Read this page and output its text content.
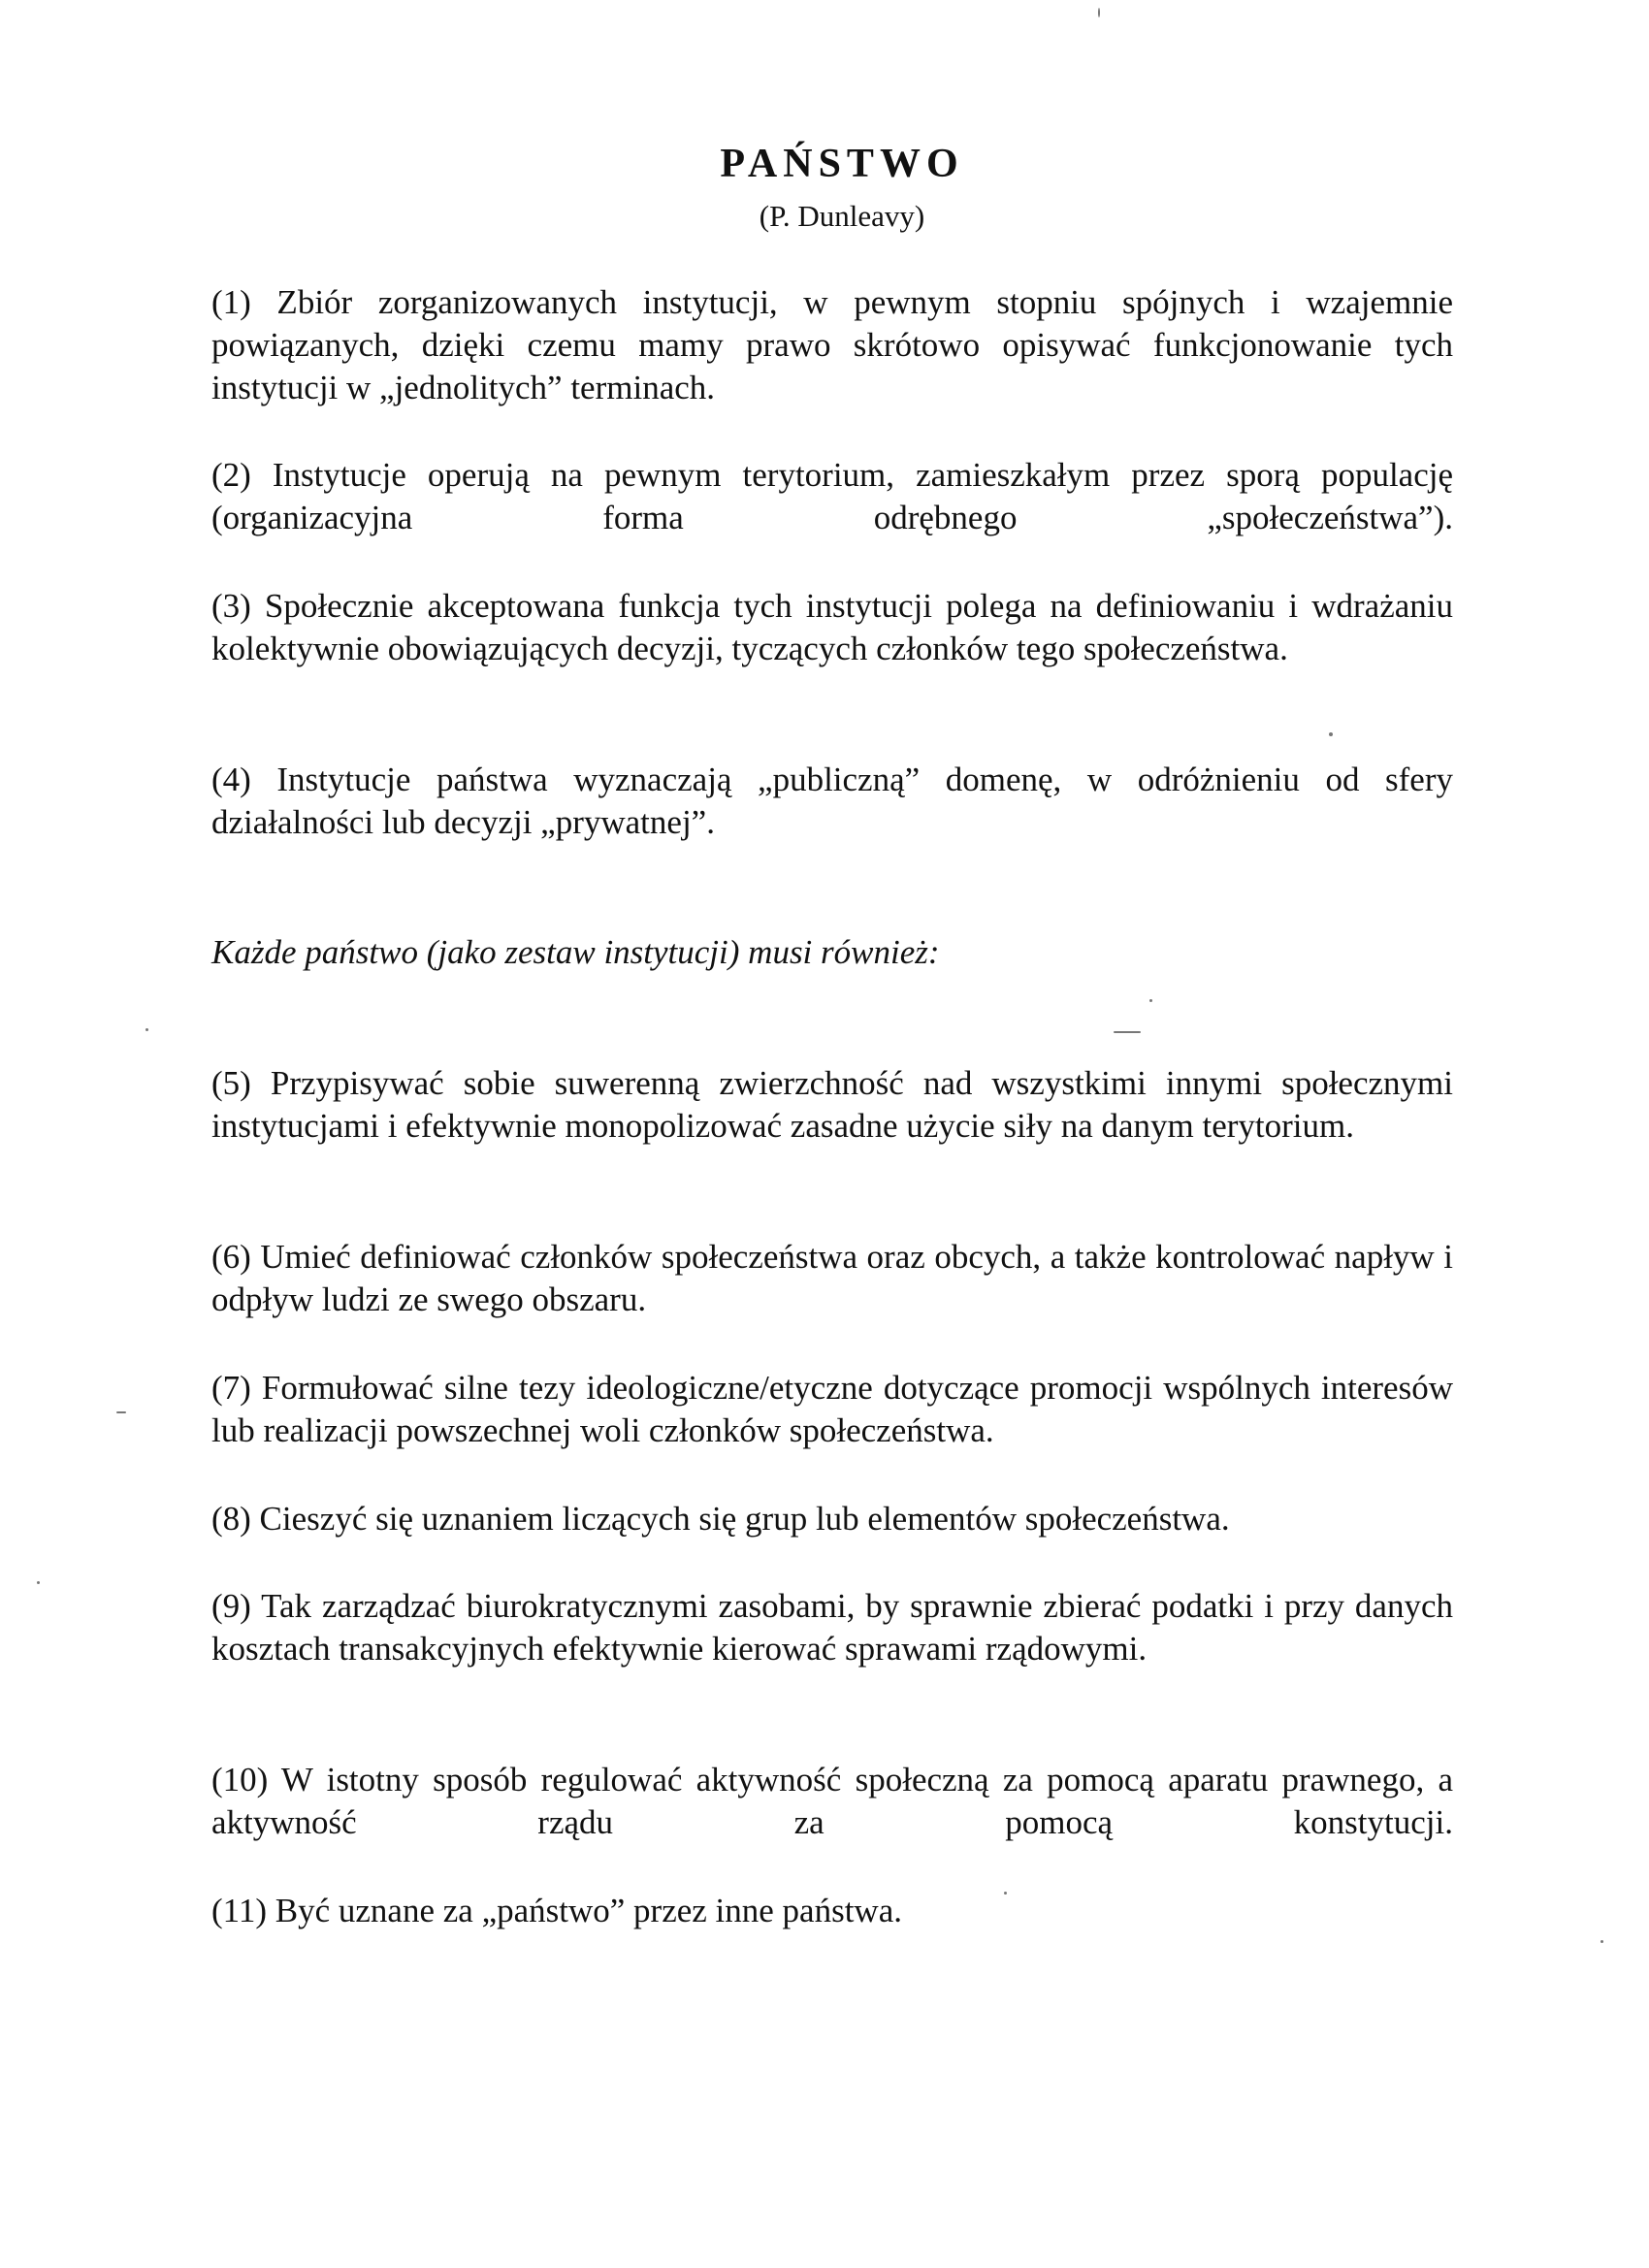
PAŃSTWO
(P. Dunleavy)

(1) Zbiór zorganizowanych instytucji, w pewnym stopniu spójnych i wzajemnie powiązanych, dzięki czemu mamy prawo skrótowo opisywać funkcjonowanie tych instytucji w „jednolitych” terminach.

(2) Instytucje operują na pewnym terytorium, zamieszkałym przez sporą populację (organizacyjna forma odrębnego „społeczeństwa”).

(3) Społecznie akceptowana funkcja tych instytucji polega na definiowaniu i wdrażaniu kolektywnie obowiązujących decyzji, tyczących członków tego społeczeństwa.

(4) Instytucje państwa wyznaczają „publiczną” domenę, w odróżnieniu od sfery działalności lub decyzji „prywatnej”.

Każde państwo (jako zestaw instytucji) musi również:

(5) Przypisywać sobie suwerenną zwierzchność nad wszystkimi innymi społecznymi instytucjami i efektywnie monopolizować zasadne użycie siły na danym terytorium.

(6) Umieć definiować członków społeczeństwa oraz obcych, a także kontrolować napływ i odpływ ludzi ze swego obszaru.

(7) Formułować silne tezy ideologiczne/etyczne dotyczące promocji wspólnych interesów lub realizacji powszechnej woli członków społeczeństwa.

(8) Cieszyć się uznaniem liczących się grup lub elementów społeczeństwa.

(9) Tak zarządzać biurokratycznymi zasobami, by sprawnie zbierać podatki i przy danych kosztach transakcyjnych efektywnie kierować sprawami rządowymi.

(10) W istotny sposób regulować aktywność społeczną za pomocą aparatu prawnego, a aktywność rządu za pomocą konstytucji.

(11) Być uznane za „państwo” przez inne państwa.
